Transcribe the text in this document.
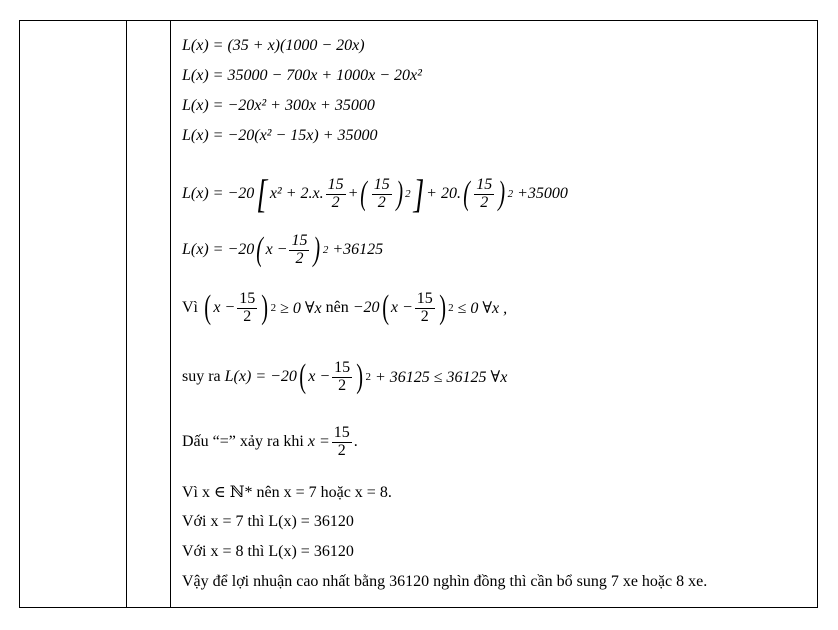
L(x) = (35 + x)(1000 − 20x)
L(x) = 35000 − 700x + 1000x − 20x²
L(x) = −20x² + 300x + 35000
L(x) = −20(x² − 15x) + 35000
L(x) = −20 [ x² + 2.x. $\frac{15}{2}$ + ( $\frac{15}{2}$ ) 2 ] + 20. ( $\frac{15}{2}$ ) 2 + 35000
L(x) = −20 ( $x - \frac{15}{2}$ ) 2 + 36125
Vì ( $x - \frac{15}{2}$ ) 2 ≥ 0 ∀x nên −20 ( $x - \frac{15}{2}$ ) 2 ≤ 0 ∀x ,
suy ra L(x) = −20 ( $x - \frac{15}{2}$ ) 2 + 36125 ≤ 36125 ∀x
Dấu “=” xảy ra khi $x = \frac{15}{2}$ .
Vì x ∈ ℕ* nên x = 7 hoặc x = 8.
Với x = 7 thì L(x) = 36120
Với x = 8 thì L(x) = 36120
Vậy để lợi nhuận cao nhất bằng 36120 nghìn đồng thì cần bổ sung 7 xe hoặc 8 xe.
